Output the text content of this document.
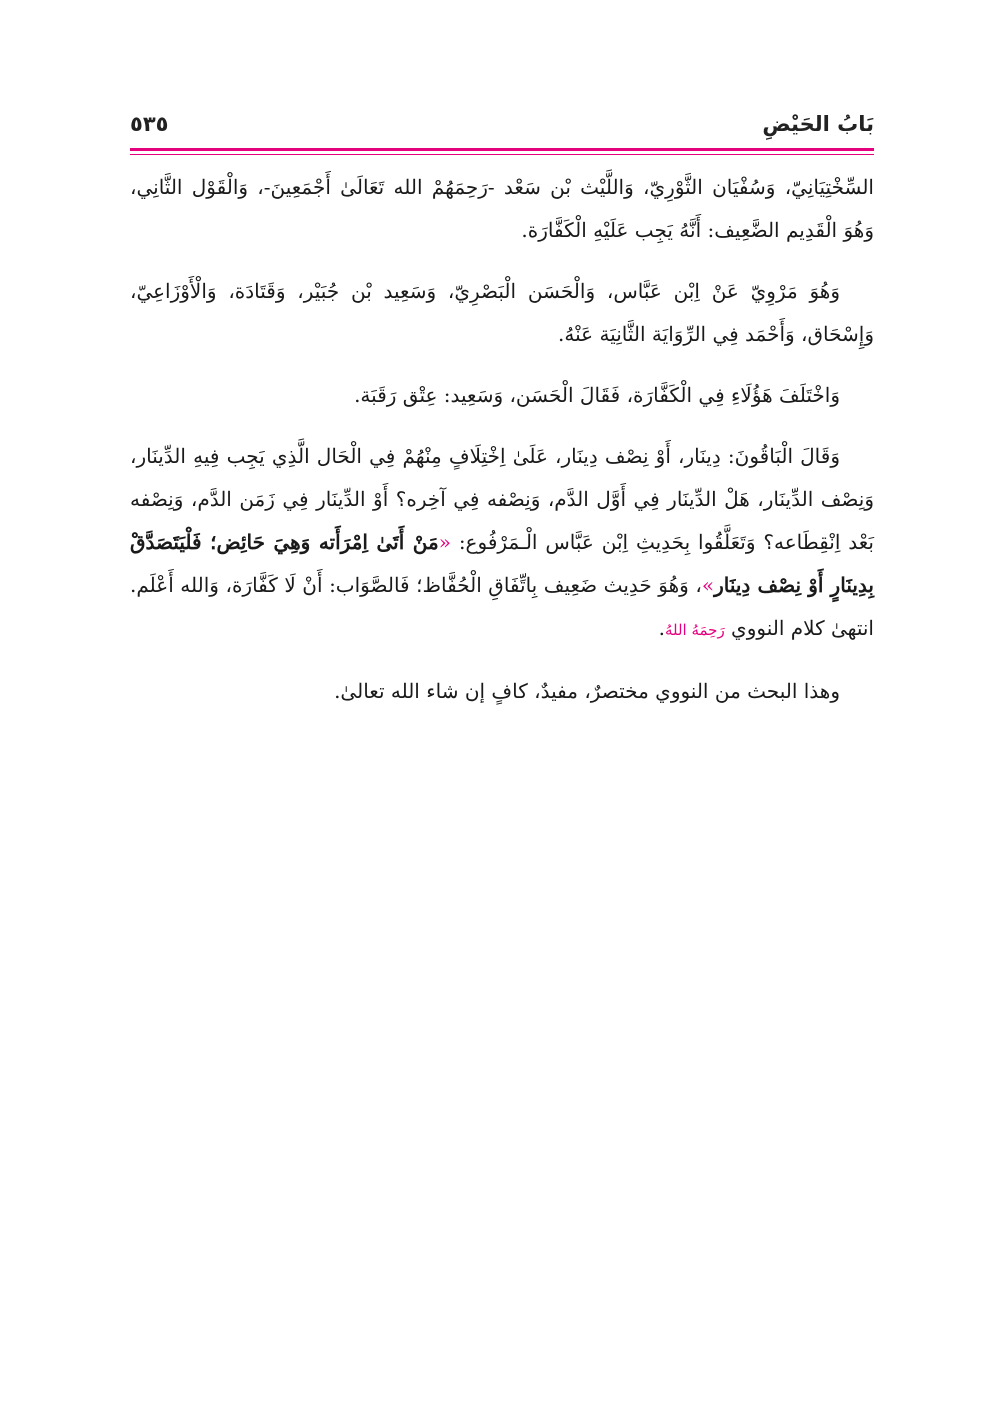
بَابُ الحَيْضِ
٥٣٥

السِّخْتِيَانِيّ، وَسُفْيَان الثَّوْرِيّ، وَاللَّيْث بْن سَعْد -رَحِمَهُمْ الله تَعَالَىٰ أَجْمَعِينَ-، وَالْقَوْل الثَّانِي، وَهُوَ الْقَدِيم الضَّعِيف: أَنَّهُ يَجِب عَلَيْهِ الْكَفَّارَة.

وَهُوَ مَرْوِيّ عَنْ اِبْن عَبَّاس، وَالْحَسَن الْبَصْرِيّ، وَسَعِيد بْن جُبَيْر، وَقَتَادَة، وَالْأَوْزَاعِيّ، وَإِسْحَاق، وَأَحْمَد فِي الرِّوَايَة الثَّانِيَة عَنْهُ.

وَاخْتَلَفَ هَؤُلَاءِ فِي الْكَفَّارَة، فَقَالَ الْحَسَن، وَسَعِيد: عِتْق رَقَبَة.

وَقَالَ الْبَاقُونَ: دِينَار، أَوْ نِصْف دِينَار، عَلَىٰ اِخْتِلَافٍ مِنْهُمْ فِي الْحَال الَّذِي يَجِب فِيهِ الدِّينَار، وَنِصْف الدِّينَار، هَلْ الدِّينَار فِي أَوَّل الدَّم، وَنِصْفه فِي آخِره؟ أَوْ الدِّينَار فِي زَمَن الدَّم، وَنِصْفه بَعْد اِنْقِطَاعه؟ وَتَعَلَّقُوا بِحَدِيثِ اِبْن عَبَّاس الْـمَرْفُوع: «مَنْ أَتَىٰ اِمْرَأَته وَهِيَ حَائِض؛ فَلْيَتَصَدَّقْ بِدِينَارٍ أَوْ نِصْف دِينَار»، وَهُوَ حَدِيث ضَعِيف بِاتِّفَاقِ الْحُفَّاظ؛ فَالصَّوَاب: أَنْ لَا كَفَّارَة، وَالله أَعْلَم. انتهىٰ كلام النووي رَحِمَهُ اللهُ.

وهذا البحث من النووي مختصرٌ، مفيدٌ، كافٍ إن شاء الله تعالىٰ.
